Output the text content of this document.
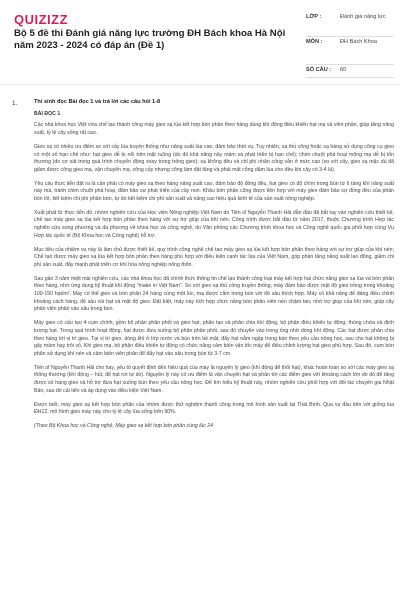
QUIZIZZ
Bộ 5 đề thi Đánh giá năng lực trường ĐH Bách khoa Hà Nội năm 2023 - 2024 có đáp án (Đề 1)
LỚP :	Đánh giá năng lực
MÔN :	ĐH Bách Khoa
SỐ CÂU :	60
1.	Thí sinh đọc Bài đọc 1 và trả lời các câu hỏi 1-8

BÀI ĐỌC 1

Các nhà khoa học Việt vừa chế tạo thành công máy gieo sạ lúa kết hợp bón phân theo hàng dùng khí động điều khiển hạt mạ và viên phân, giúp tăng năng suất, tỷ lệ cây sống rất cao.

Gieo sạ có nhiều ưu điểm so với cấy lúa truyền thống như năng suất lúa cao, đảm bảo thời vụ. Tuy nhiên, sạ thủ công hoặc sạ hàng sử dụng công cụ gieo có một số hạn chế như: hạt gieo dễ bị nổi trên mặt ruộng (do đó khả năng nảy mầm và phát triển bị hạn chế); chim chuột phá hoại mộng mạ dễ bị tổn thương (do cơ sát trong quá trình chuyển động xoay trong trống gieo); sạ không đều và chỉ phí nhân công vẫn ở mức cao (so với cấy, gieo sạ mặc dù đã giảm được công gieo mạ, vận chuyển mạ, công cấy nhưng công làm đất tăng và phải mất công dặm lúa cho đều khi cây có 3-4 lá).

Yêu cầu thực tiễn đặt ra là cần phải có máy gieo sạ theo hàng nâng suất cao, đảm bảo độ đồng đều, hạt gieo có độ chìm trong bùn từ 6 tầng khí năng suất này mà, tránh chim chuột phá hoại, đảm bảo sự phát triển của cây non. Khâu bón phân cũng được liên hợp với máy gieo đảm bảo sự đồng đều của phân bón lót, tiết kiệm chi phí phân bón, tự do tiết kiệm chi phí sản xuất và nâng cao hiệu quả kinh tế của sản xuất nông nghiệp.

Xuất phát từ thực tiễn đó, nhóm nghiên cứu của Học viện Nông nghiệp Việt Nam do Tiến sĩ Nguyễn Thanh Hải dẫn đầu đã bắt tay vào nghiên cứu thiết kế, chế tạo máy gieo sạ lúa kết hợp bón phân theo hàng với sự trợ giúp của khí nén. Công trình được bắt đầu từ năm 2017, thuộc Chương trình Hợp tác nghiên cứu song phương và đa phương về khoa học và công nghệ, do Văn phòng các Chương trình khoa học và Công nghệ quốc gia phối hợp cùng Vụ Hợp tác quốc tế (Bộ Khoa học và Công nghệ) hỗ trợ.

Mục tiêu của nhiệm vụ này là làm chủ được thiết kế, quy trình công nghệ chế tạo máy gieo sạ lúa kết hợp bón phân theo hàng với sự trợ giúp của khí nén; Chế tạo được máy gieo sạ lúa kết hợp bón phân theo hàng phù hợp với điều kiện canh tác lúa của Việt Nam, góp phần tăng năng suất lao động, giảm chi phí sản xuất, đẩy mạnh phát triển cơ khí hóa nông nghiệp nông thôn.

Sau gần 3 năm miệt mài nghiên cứu, các nhà khoa học đã chính thức thông tin chế tạo thành công loại máy kết hợp hai chức năng gieo sạ lúa và bón phân theo hàng, nhờ ứng dụng kỹ thuật khí động "make in Việt Nam". So với gieo sạ thủ công truyền thống, máy đảm bảo được mật độ gieo trồng trong khoảng 100-150 hạt/m². Máy có thể gieo và bón phân 24 hàng cùng một lúc, mạ được cắm trong bùn với độ sâu thích hợp. Máy có khả năng để đảng điều chỉnh khoảng cách hàng, độ sâu vùi hạt và mật độ gieo. Đặt biệt, máy này tích hợp chức năng bón phân viên nén chậm tan, nhờ trợ giúp của khí nén, giúp cây phân viên phân vào sâu trong bùn.

Máy gieo có cấu tạo 4 cụm chính, gồm bộ phận phân phối và gieo hạt, phân tạo và phân chia khí động, bộ phận điều khiển tự động, thùng chứa và định lượng hạt. Trong quá trình hoạt động, hạt được đưa xuống bộ phận phân phối, sau đó chuyển vào trong ống nhờ dòng khí động. Các hạt được phân chia theo hàng tới vị trí gieo. Tại vị trí gieo, dòng khí ở lớp nước và bùn trên bề mặt, đẩy hạt nằm ngập trong bùn theo yêu cầu nông học, sau cho hạt không bị gãy mầm hay trôi vỏ. Khi gieo mạ, bộ phận điều khiển tự động có chức năng cảm biến vận tốc máy để điều chỉnh lượng hạt gieo phù hợp. Sau đó, cụm bón phân sử dụng khí nén và cảm biến viên phân để đẩy hạt vào sâu trong bùn từ 3-7 cm.

Tiến sĩ Nguyễn Thanh Hải cho hay, yếu tố quyết định đến hiệu quả của máy là nguyên lý gieo (khí động để thổi hạt), khác hoàn toàn so với các máy gieo sạ thông thường (khí động – hút, để hạt rơi tự do). Nguyên lý này có ưu điểm là vận chuyển hạt và phân tới các điểm gieo với khoảng cách lớn do đó để tăng được số hàng gieo và hỗ trợ đưa hạt xuống bùn theo yêu cầu nông học. Để tìm hiểu kỹ thuật này, nhóm nghiên cứu phối hợp với đối tác chuyên gia Nhật Bản, sau đó cải tiến và áp dụng vào điều kiện Việt Nam.

Được biết, máy gieo sạ kết hợp bón phân của nhóm được thử nghiệm thành công trong mô hình sản xuất tại Thái Bình. Qua vụ đầu tiên với giống lúa ĐH12, mô hình gieo máy này cho tỷ lệ cây lúa sống trên 90%.

(Theo Bộ Khoa học và Công nghệ, Máy gieo sạ kết hợp bón phân cùng lúc 24
